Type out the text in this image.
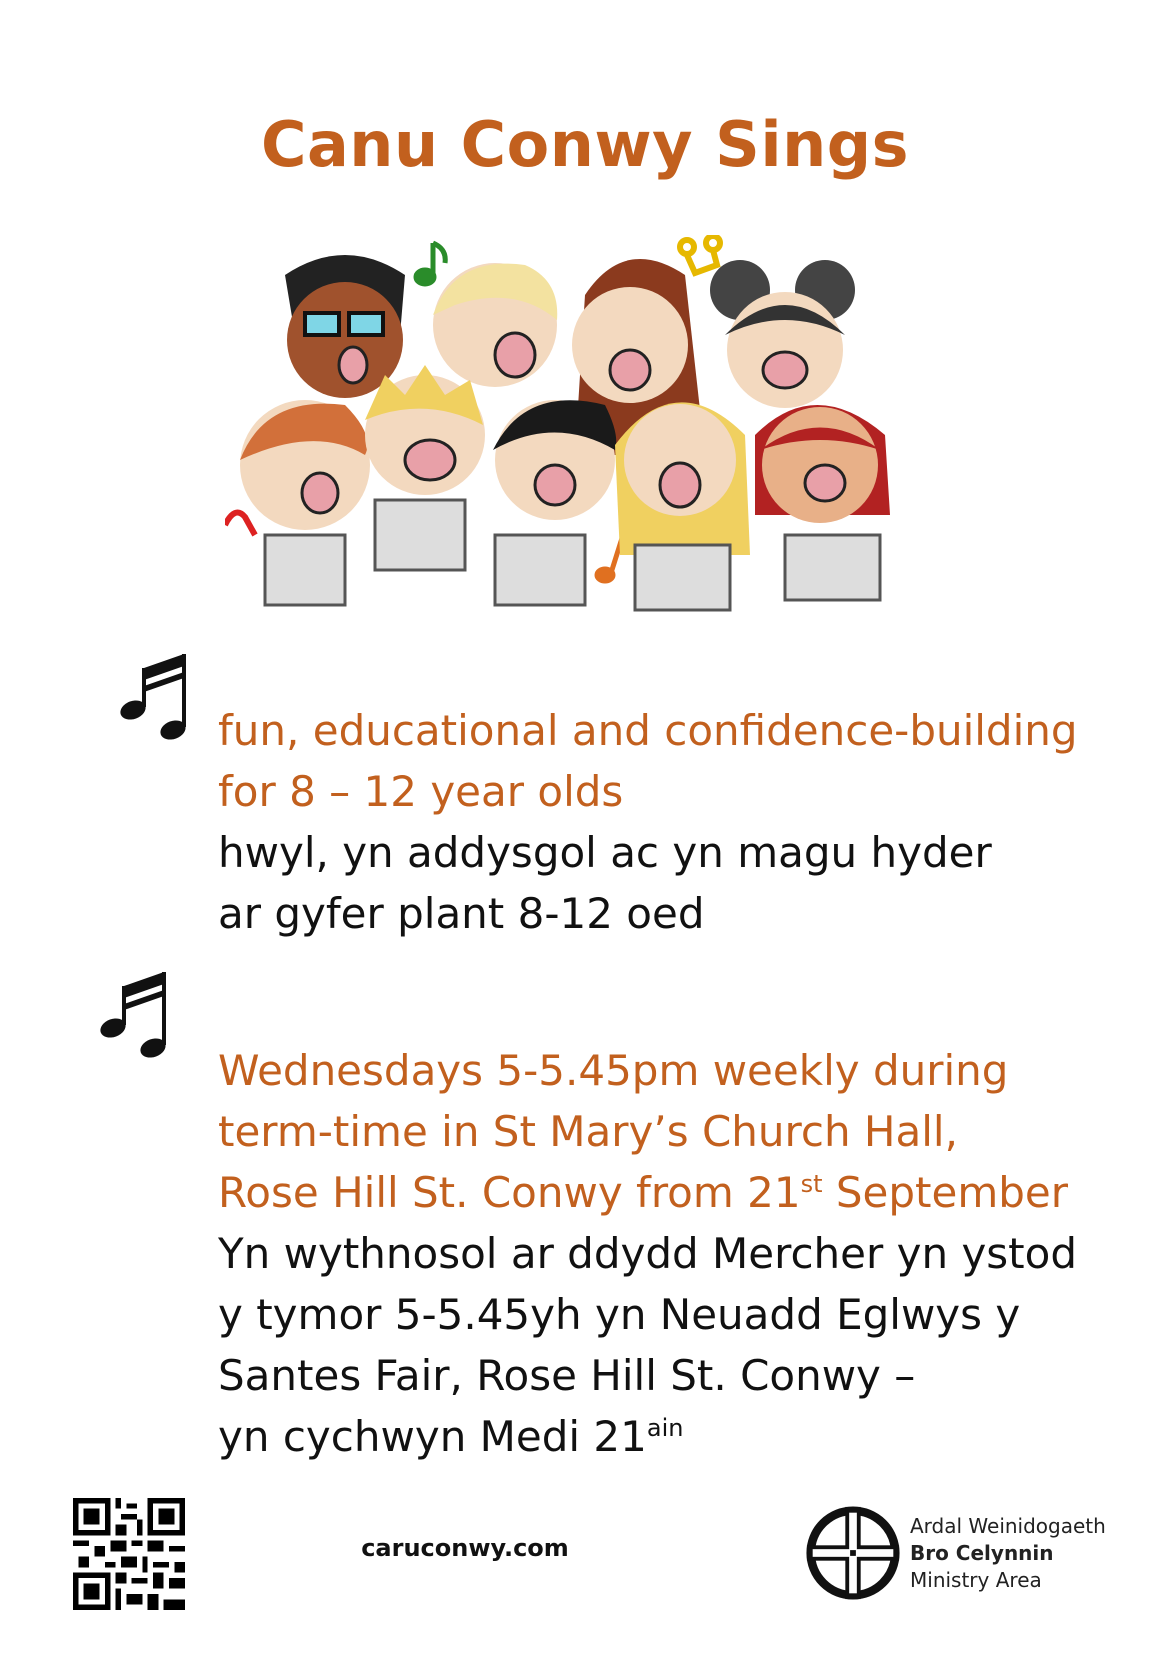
Canu Conwy Sings
fun, educational and confidence-building
for 8 – 12 year olds
hwyl, yn addysgol ac yn magu hyder
ar gyfer plant 8-12 oed
Wednesdays 5-5.45pm weekly during
term-time in St Mary’s Church Hall,
Rose Hill St. Conwy from 21st September
Yn wythnosol ar ddydd Mercher yn ystod
y tymor 5-5.45yh yn Neuadd Eglwys y
Santes Fair, Rose Hill St. Conwy –
yn cychwyn Medi $21^{ain}$
caruconwy.com
Ardal Weinidogaeth
Bro Celynnin
Ministry Area
